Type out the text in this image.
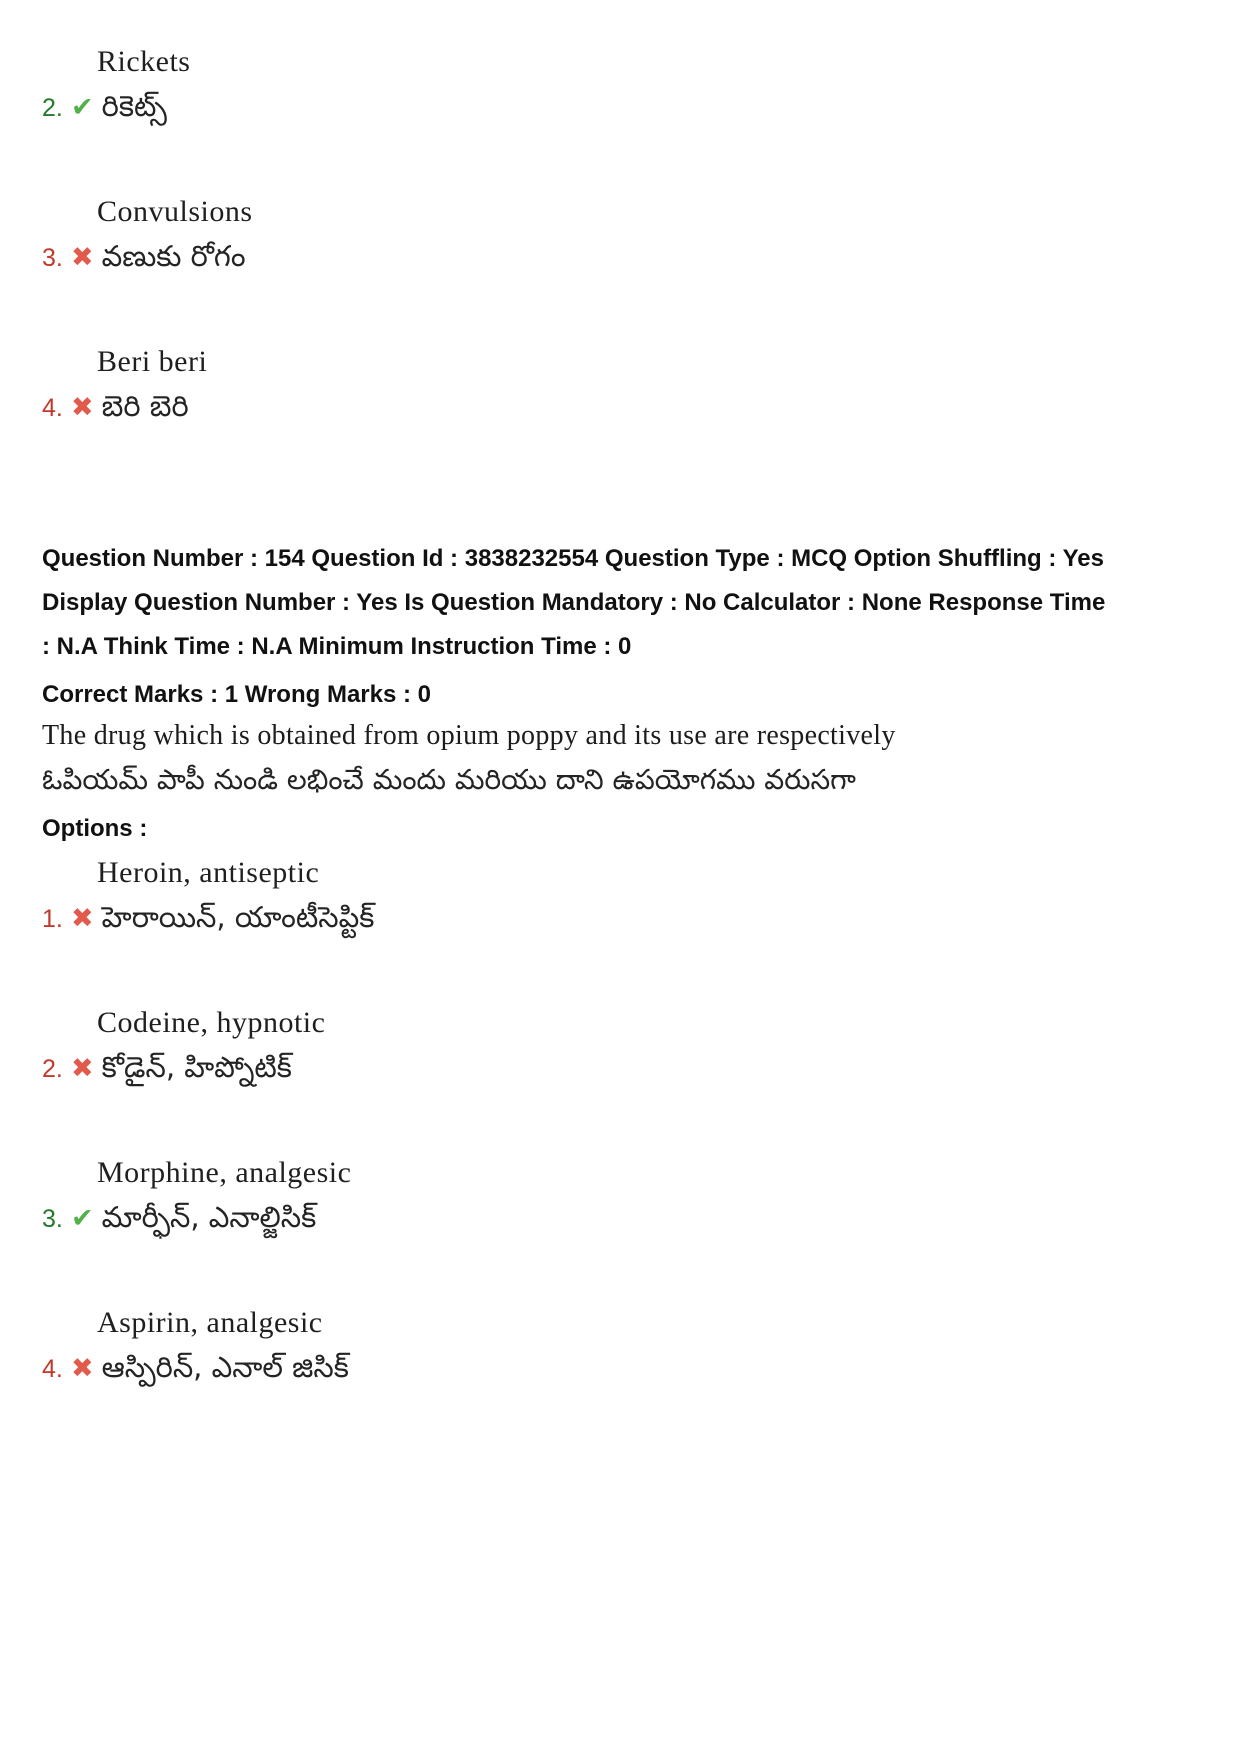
Rickets
2. ✔ రికెట్స్
Convulsions
3. ✖ వణుకు రోగం
Beri beri
4. ✖ బెరి బెరి
Question Number : 154 Question Id : 3838232554 Question Type : MCQ Option Shuffling : Yes
Display Question Number : Yes Is Question Mandatory : No Calculator : None Response Time
: N.A Think Time : N.A Minimum Instruction Time : 0
Correct Marks : 1 Wrong Marks : 0
The drug which is obtained from opium poppy and its use are respectively
ఓపియమ్ పాపీ నుండి లభించే మందు మరియు దాని ఉపయోగము వరుసగా
Options :
Heroin, antiseptic
1. ✖ హెరాయిన్, యాంటీసెప్టిక్
Codeine, hypnotic
2. ✖ కోడైన్, హిప్నోటిక్
Morphine, analgesic
3. ✔ మార్ఫీన్, ఎనాల్జిసిక్
Aspirin, analgesic
4. ✖ ఆస్పిరిన్, ఎనాల్ జిసిక్
